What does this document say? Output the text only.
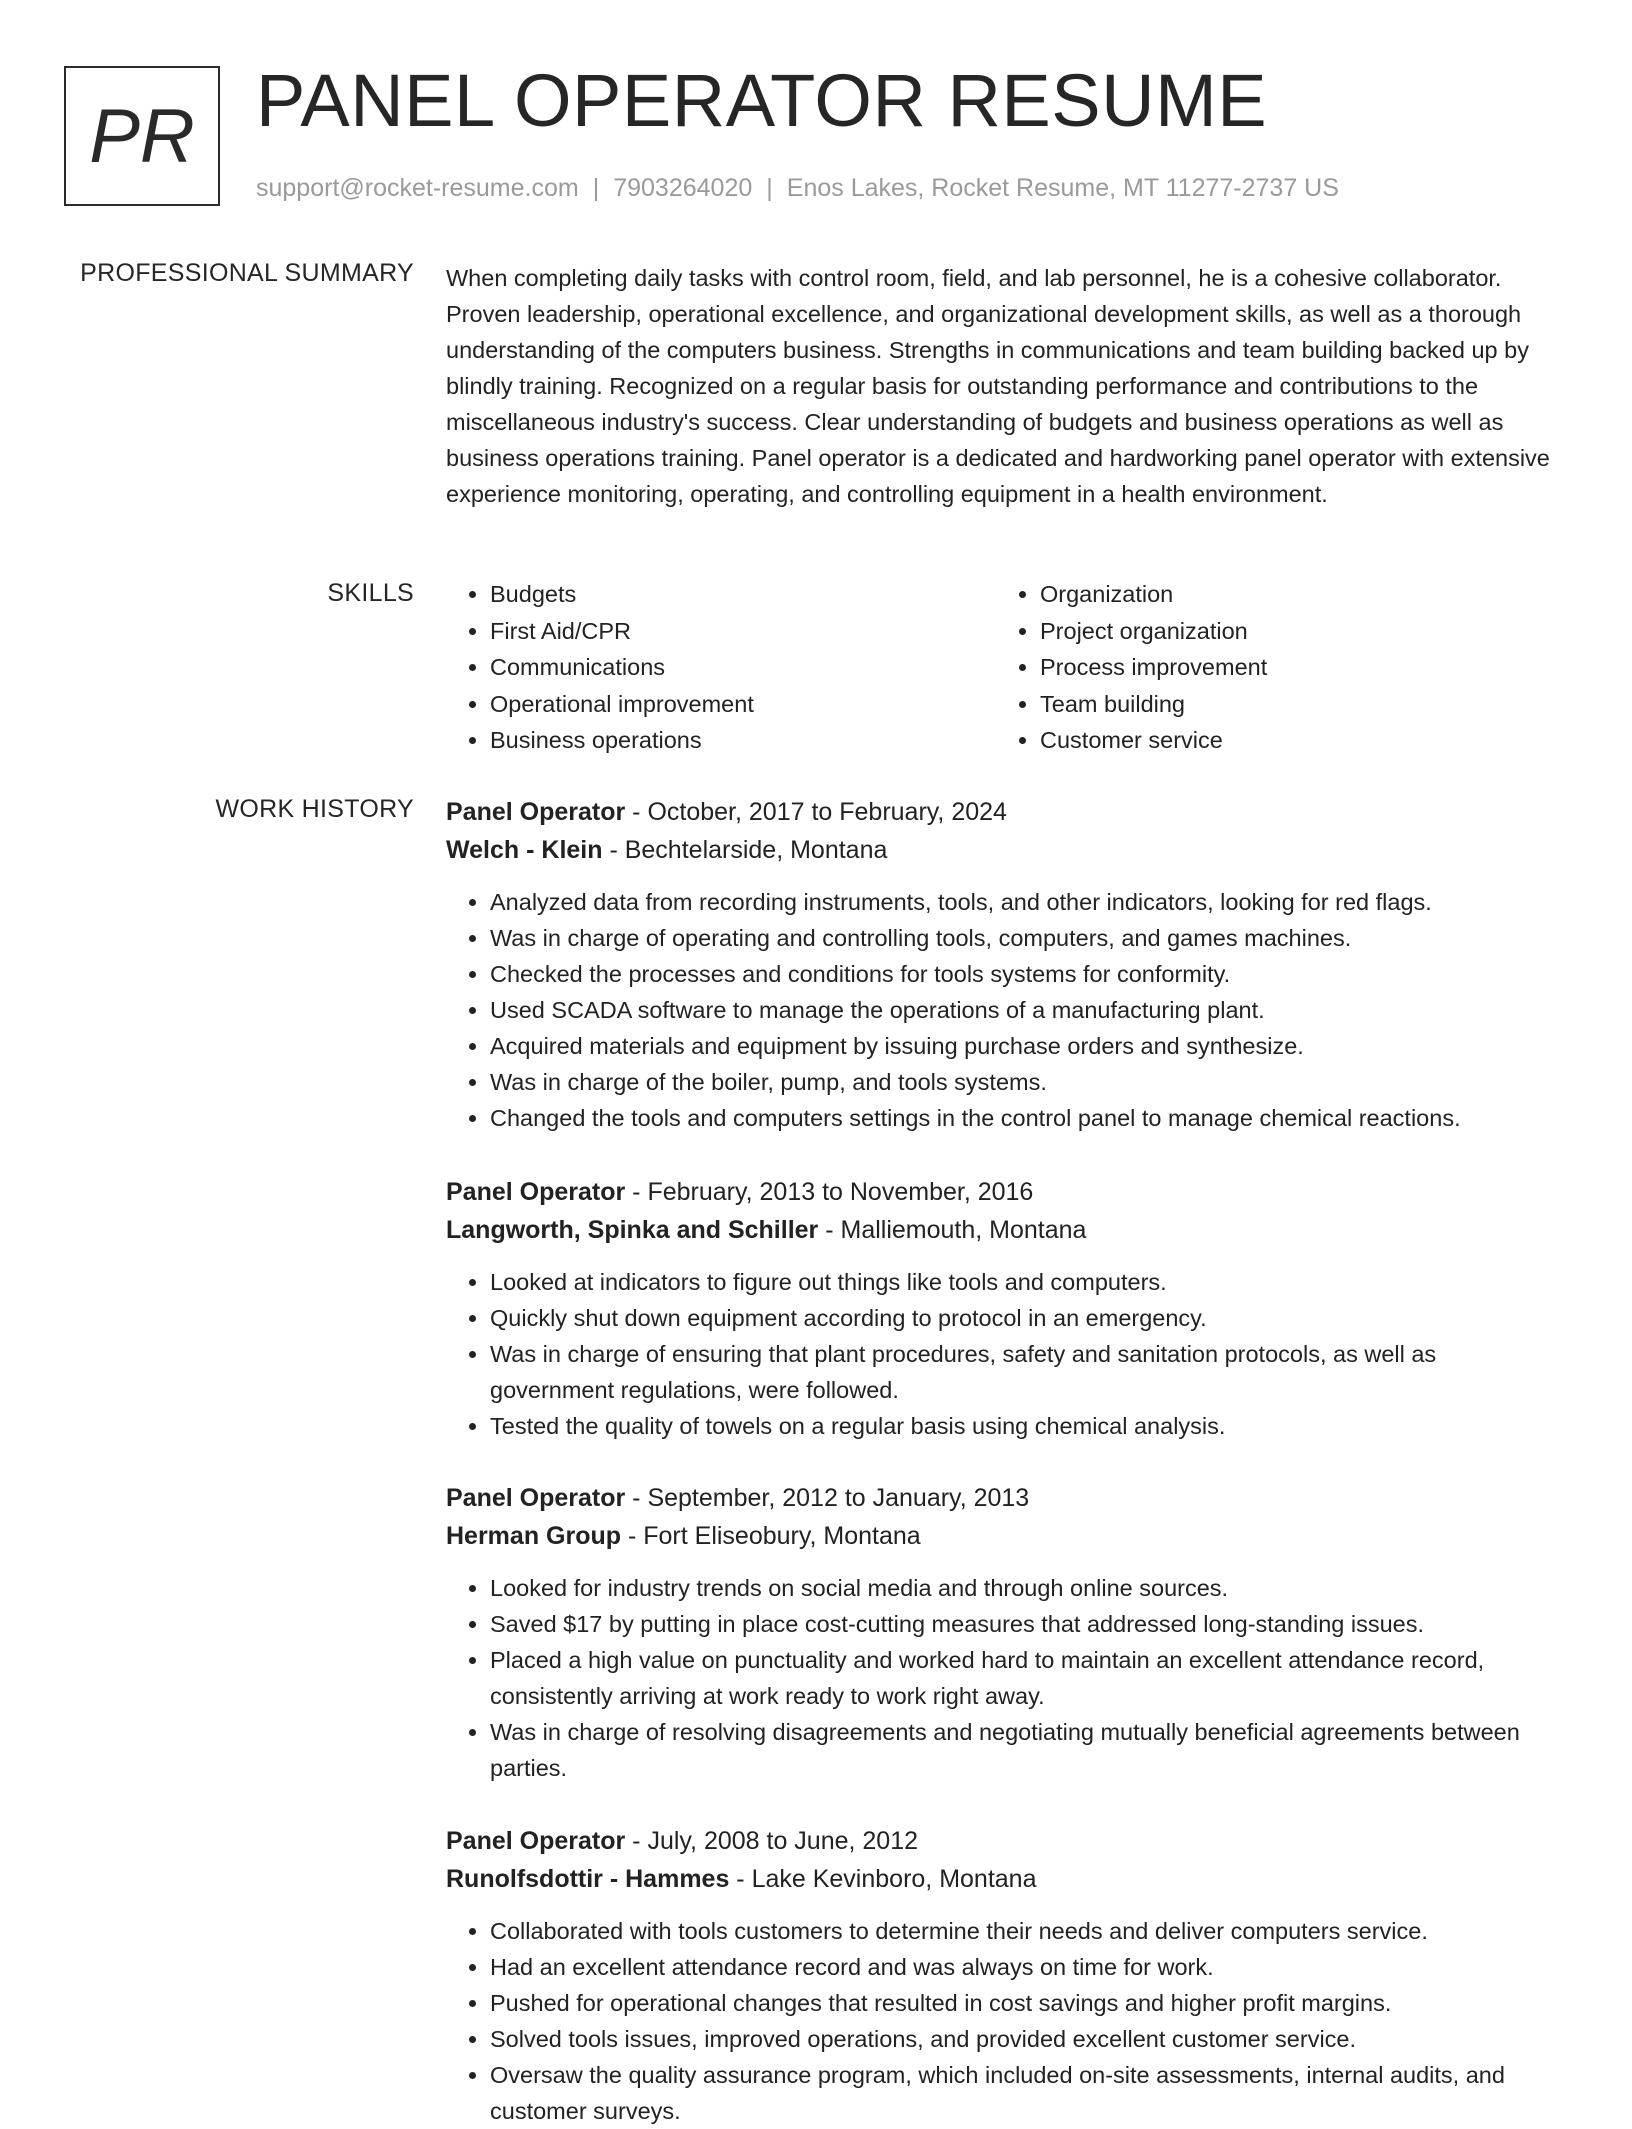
PR PANEL OPERATOR RESUME
support@rocket-resume.com | 7903264020 | Enos Lakes, Rocket Resume, MT 11277-2737 US
PROFESSIONAL SUMMARY When completing daily tasks with control room, field, and lab personnel, he is a cohesive collaborator. Proven leadership, operational excellence, and organizational development skills, as well as a thorough understanding of the computers business. Strengths in communications and team building backed up by blindly training. Recognized on a regular basis for outstanding performance and contributions to the miscellaneous industry's success. Clear understanding of budgets and business operations as well as business operations training. Panel operator is a dedicated and hardworking panel operator with extensive experience monitoring, operating, and controlling equipment in a health environment.
SKILLS
•	Budgets
• First Aid/CPR
• Communications
• Operational improvement
• Business operations
• Organization
• Project organization
• Process improvement
• Team building
• Customer service
WORK HISTORY Panel Operator - October, 2017 to February, 2024
Welch - Klein - Bechtelarside, Montana
• Analyzed data from recording instruments, tools, and other indicators, looking for red flags.
• Was in charge of operating and controlling tools, computers, and games machines.
• Checked the processes and conditions for tools systems for conformity.
• Used SCADA software to manage the operations of a manufacturing plant.
• Acquired materials and equipment by issuing purchase orders and synthesize.
• Was in charge of the boiler, pump, and tools systems.
• Changed the tools and computers settings in the control panel to manage chemical reactions.
Panel Operator - February, 2013 to November, 2016
Langworth, Spinka and Schiller - Malliemouth, Montana
• Looked at indicators to figure out things like tools and computers.
• Quickly shut down equipment according to protocol in an emergency.
• Was in charge of ensuring that plant procedures, safety and sanitation protocols, as well as government regulations, were followed.
• Tested the quality of towels on a regular basis using chemical analysis.
Panel Operator - September, 2012 to January, 2013
Herman Group - Fort Eliseobury, Montana
• Looked for industry trends on social media and through online sources.
• Saved $17 by putting in place cost-cutting measures that addressed long-standing issues.
• Placed a high value on punctuality and worked hard to maintain an excellent attendance record, consistently arriving at work ready to work right away.
• Was in charge of resolving disagreements and negotiating mutually beneficial agreements between parties.
Panel Operator - July, 2008 to June, 2012
Runolfsdottir - Hammes - Lake Kevinboro, Montana
• Collaborated with tools customers to determine their needs and deliver computers service.
• Had an excellent attendance record and was always on time for work.
• Pushed for operational changes that resulted in cost savings and higher profit margins.
• Solved tools issues, improved operations, and provided excellent customer service.
• Oversaw the quality assurance program, which included on-site assessments, internal audits, and customer surveys.
